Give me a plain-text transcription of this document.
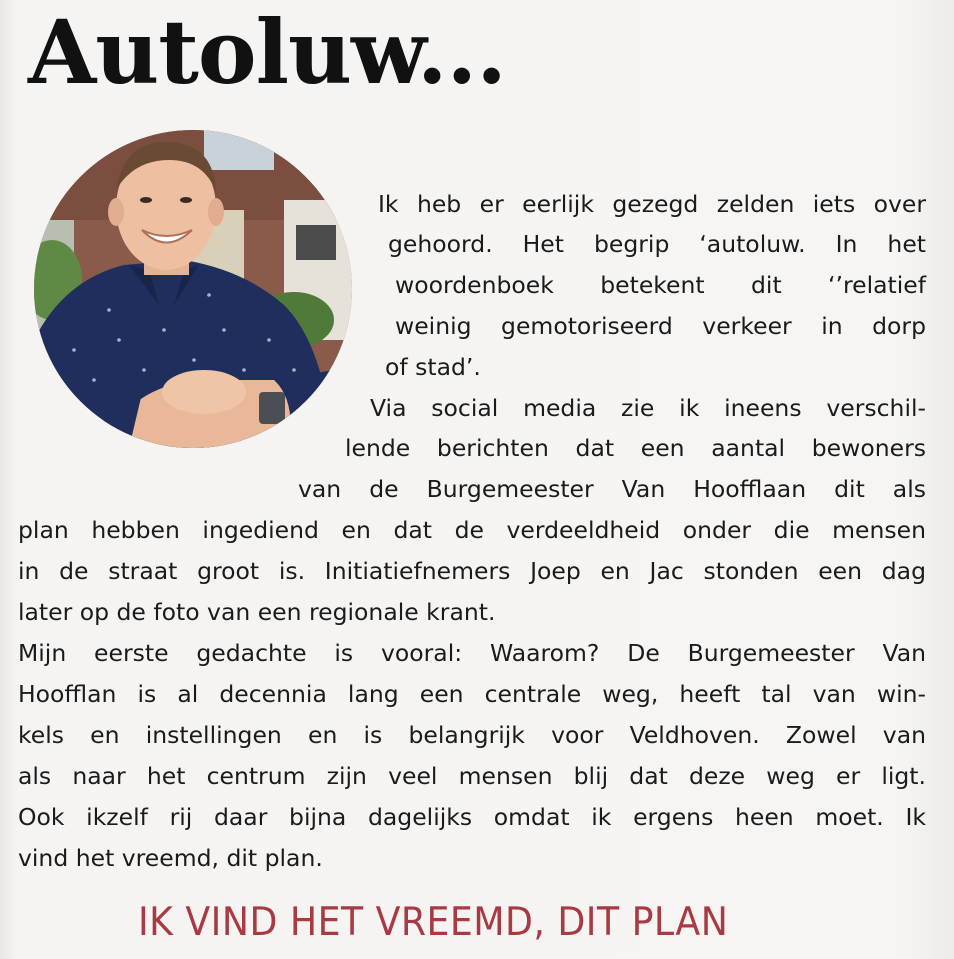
Autoluw...

Ik heb er eerlijk gezegd zelden iets over

gehoord. Het begrip ‘autoluw. In het

woordenboek betekent dit ‘’relatief

weinig gemotoriseerd verkeer in dorp

of stad’.

Via social media zie ik ineens verschil-

lende berichten dat een aantal bewoners

van de Burgemeester Van Hoofflaan dit als

plan hebben ingediend en dat de verdeeldheid onder die mensen

in de straat groot is. Initiatiefnemers Joep en Jac stonden een dag

later op de foto van een regionale krant.

Mijn eerste gedachte is vooral: Waarom? De Burgemeester Van

Hoofflan is al decennia lang een centrale weg, heeft tal van win-

kels en instellingen en is belangrijk voor Veldhoven. Zowel van

als naar het centrum zijn veel mensen blij dat deze weg er ligt.

Ook ikzelf rij daar bijna dagelijks omdat ik ergens heen moet. Ik

vind het vreemd, dit plan.

IK VIND HET VREEMD, DIT PLAN
